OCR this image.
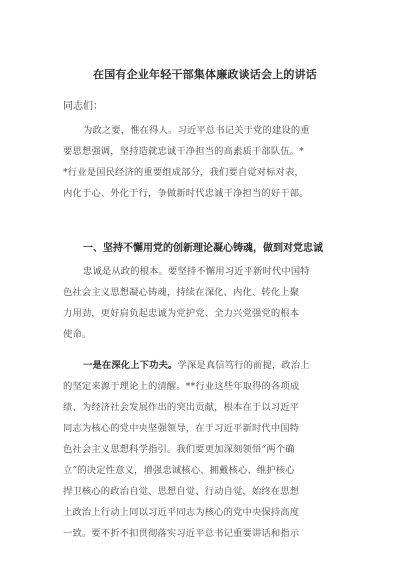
在国有企业年轻干部集体廉政谈话会上的讲话
同志们：
为政之要，惟在得人。习近平总书记关于党的建设的重
要思想强调，坚持造就忠诚干净担当的高素质干部队伍。*
*行业是国民经济的重要组成部分，我们要自觉对标对表，
内化于心、外化于行，争做新时代忠诚干净担当的好干部。
一、坚持不懈用党的创新理论凝心铸魂，做到对党忠诚
忠诚是从政的根本。要坚持不懈用习近平新时代中国特
色社会主义思想凝心铸魂，持续在深化、内化、转化上聚
力用劲，更好肩负起忠诚为党护党、全力兴党强党的根本
使命。
一是在深化上下功夫。学深是真信笃行的前提，政治上
的坚定来源于理论上的清醒。**行业这些年取得的各项成
绩、为经济社会发展作出的突出贡献，根本在于以习近平
同志为核心的党中央坚强领导，在于习近平新时代中国特
色社会主义思想科学指引。我们要更加深刻领悟“两个确
立”的决定性意义，增强忠诚核心、拥戴核心、维护核心
捍卫核心的政治自觉、思想自觉、行动自觉，始终在思想
上政治上行动上同以习近平同志为核心的党中央保持高度
一致。要不折不扣贯彻落实习近平总书记重要讲话和指示
